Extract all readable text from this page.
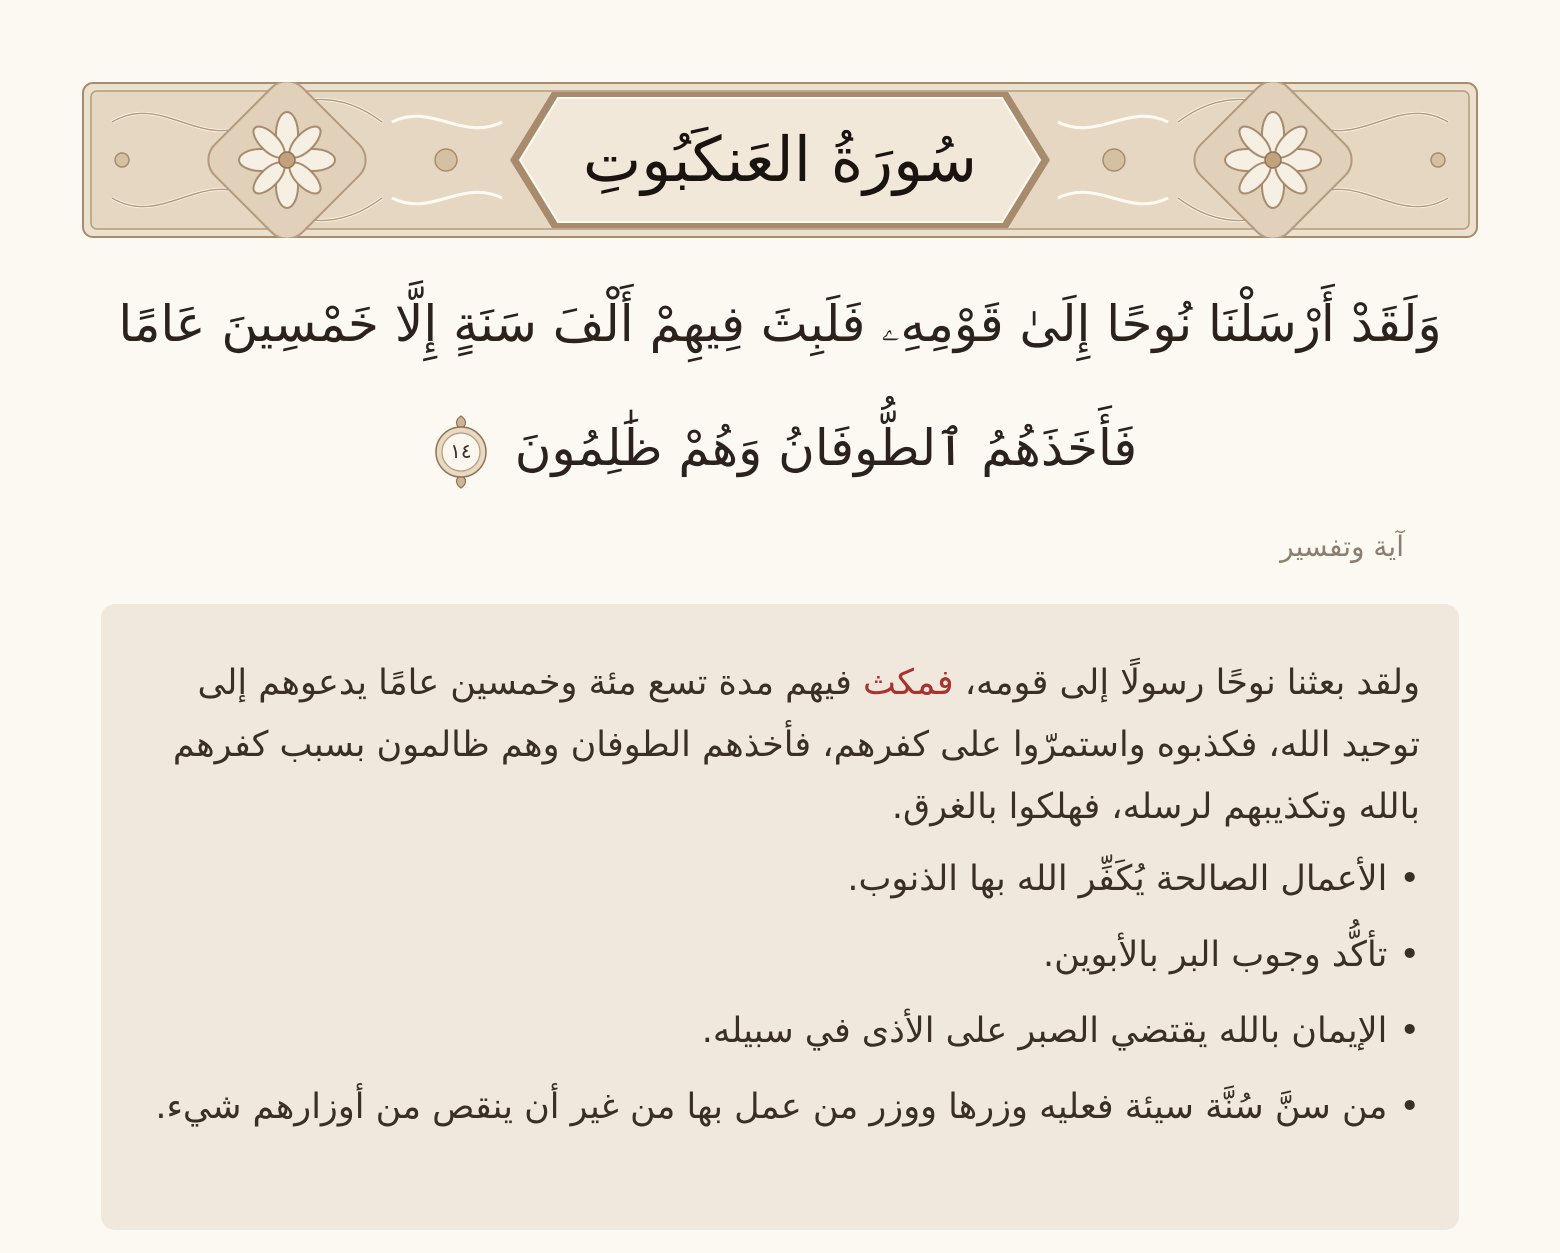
سُورَةُ العَنكَبُوتِ
وَلَقَدْ أَرْسَلْنَا نُوحًا إِلَىٰ قَوْمِهِۦ فَلَبِثَ فِيهِمْ أَلْفَ سَنَةٍ إِلَّا خَمْسِينَ عَامًا فَأَخَذَهُمُ ٱلطُّوفَانُ وَهُمْ ظَٰلِمُونَ
١٤
آية وتفسير

ولقد بعثنا نوحًا رسولًا إلى قومه، فمكث فيهم مدة تسع مئة وخمسين عامًا يدعوهم إلى توحيد الله، فكذبوه واستمرّوا على كفرهم، فأخذهم الطوفان وهم ظالمون بسبب كفرهم بالله وتكذيبهم لرسله، فهلكوا بالغرق.

•الأعمال الصالحة يُكَفِّر الله بها الذنوب.
•تأكُّد وجوب البر بالأبوين.
•الإيمان بالله يقتضي الصبر على الأذى في سبيله.
•من سنَّ سُنَّة سيئة فعليه وزرها ووزر من عمل بها من غير أن ينقص من أوزارهم شيء.
